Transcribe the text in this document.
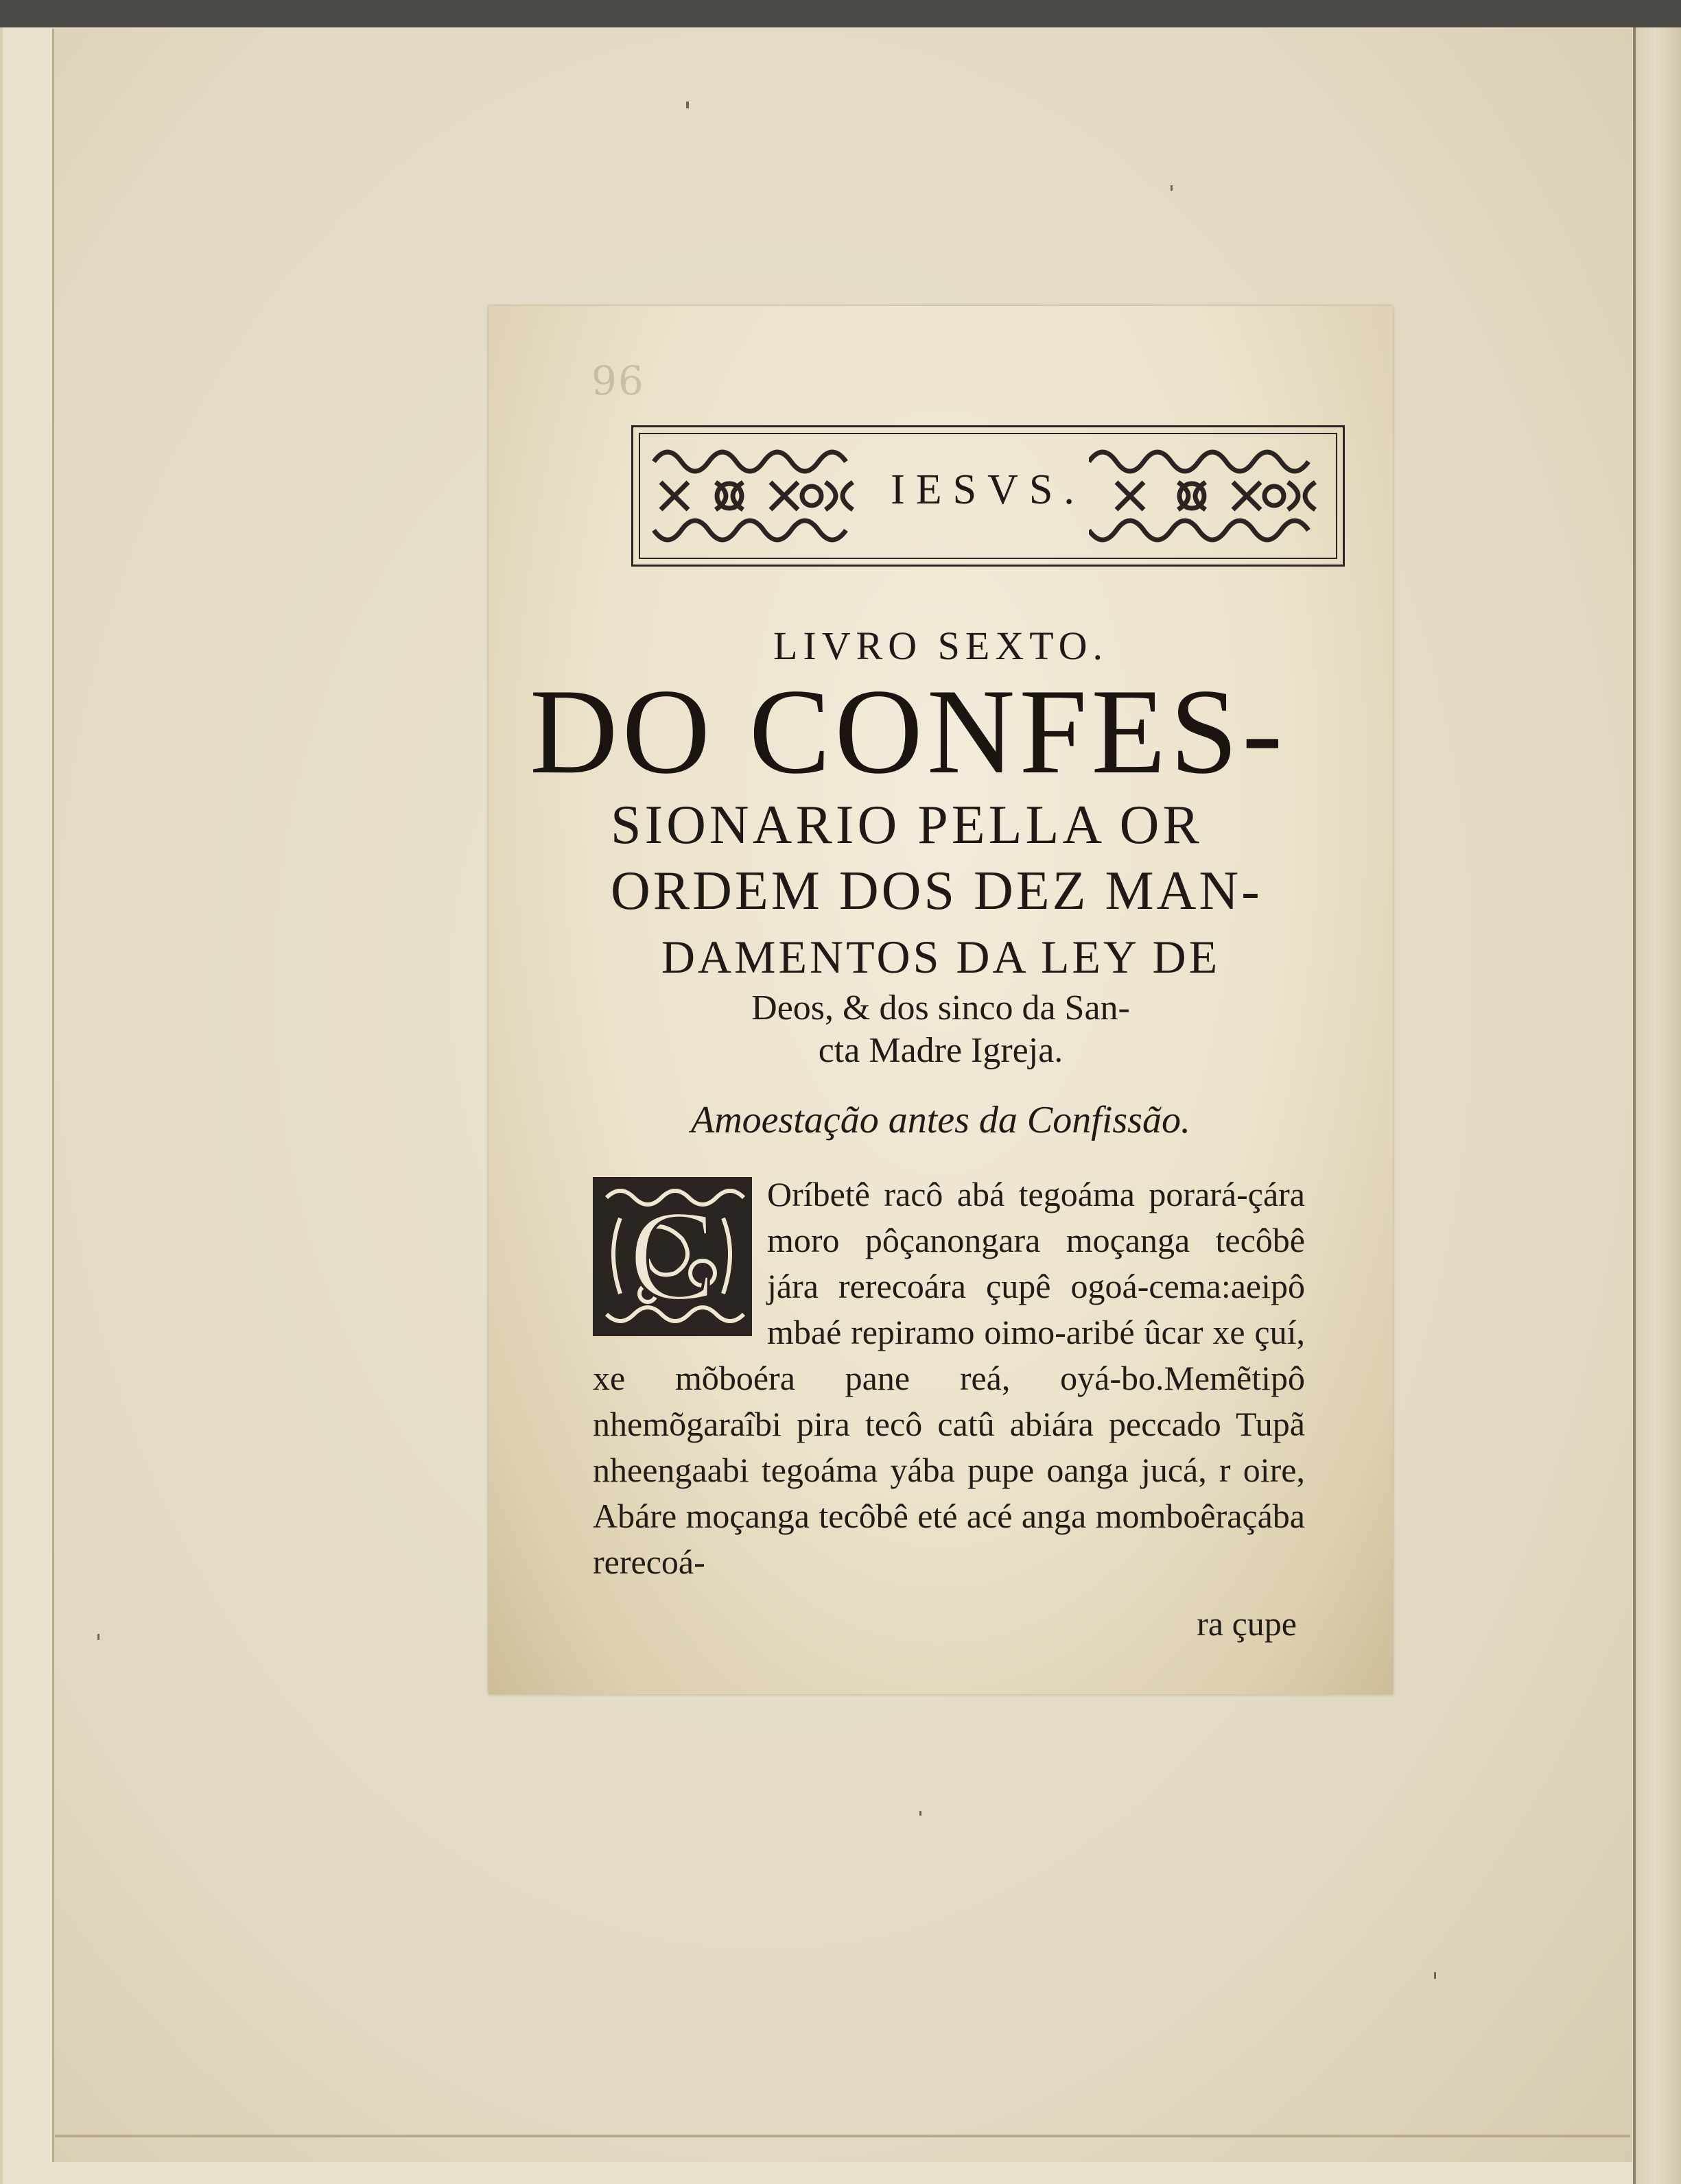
96
IESVS.
LIVRO SEXTO.
DO CONFES-
SIONARIO PELLA OR
ORDEM DOS DEZ MAN-
DAMENTOS DA LEY DE
Deos, & dos sinco da San-
cta Madre Igreja.
Amoestação antes da Confissão.
C	Oríbetê racô abá tegoáma porará-çára moro pôçanongara moçanga tecôbê jára rerecoára çupê ogoá-cema:aeipô mbaé repiramo oimo-aribé ûcar xe çuí, xe mõboéra pane reá, oyá-bo.Memẽtipô nhemõgaraîbi pira tecô catû abiára peccado Tupã nheengaabi tegoáma yába pupe oanga jucá, r oire, Abáre moçanga tecôbê eté acé anga momboêraçába rerecoá-
ra çupe
